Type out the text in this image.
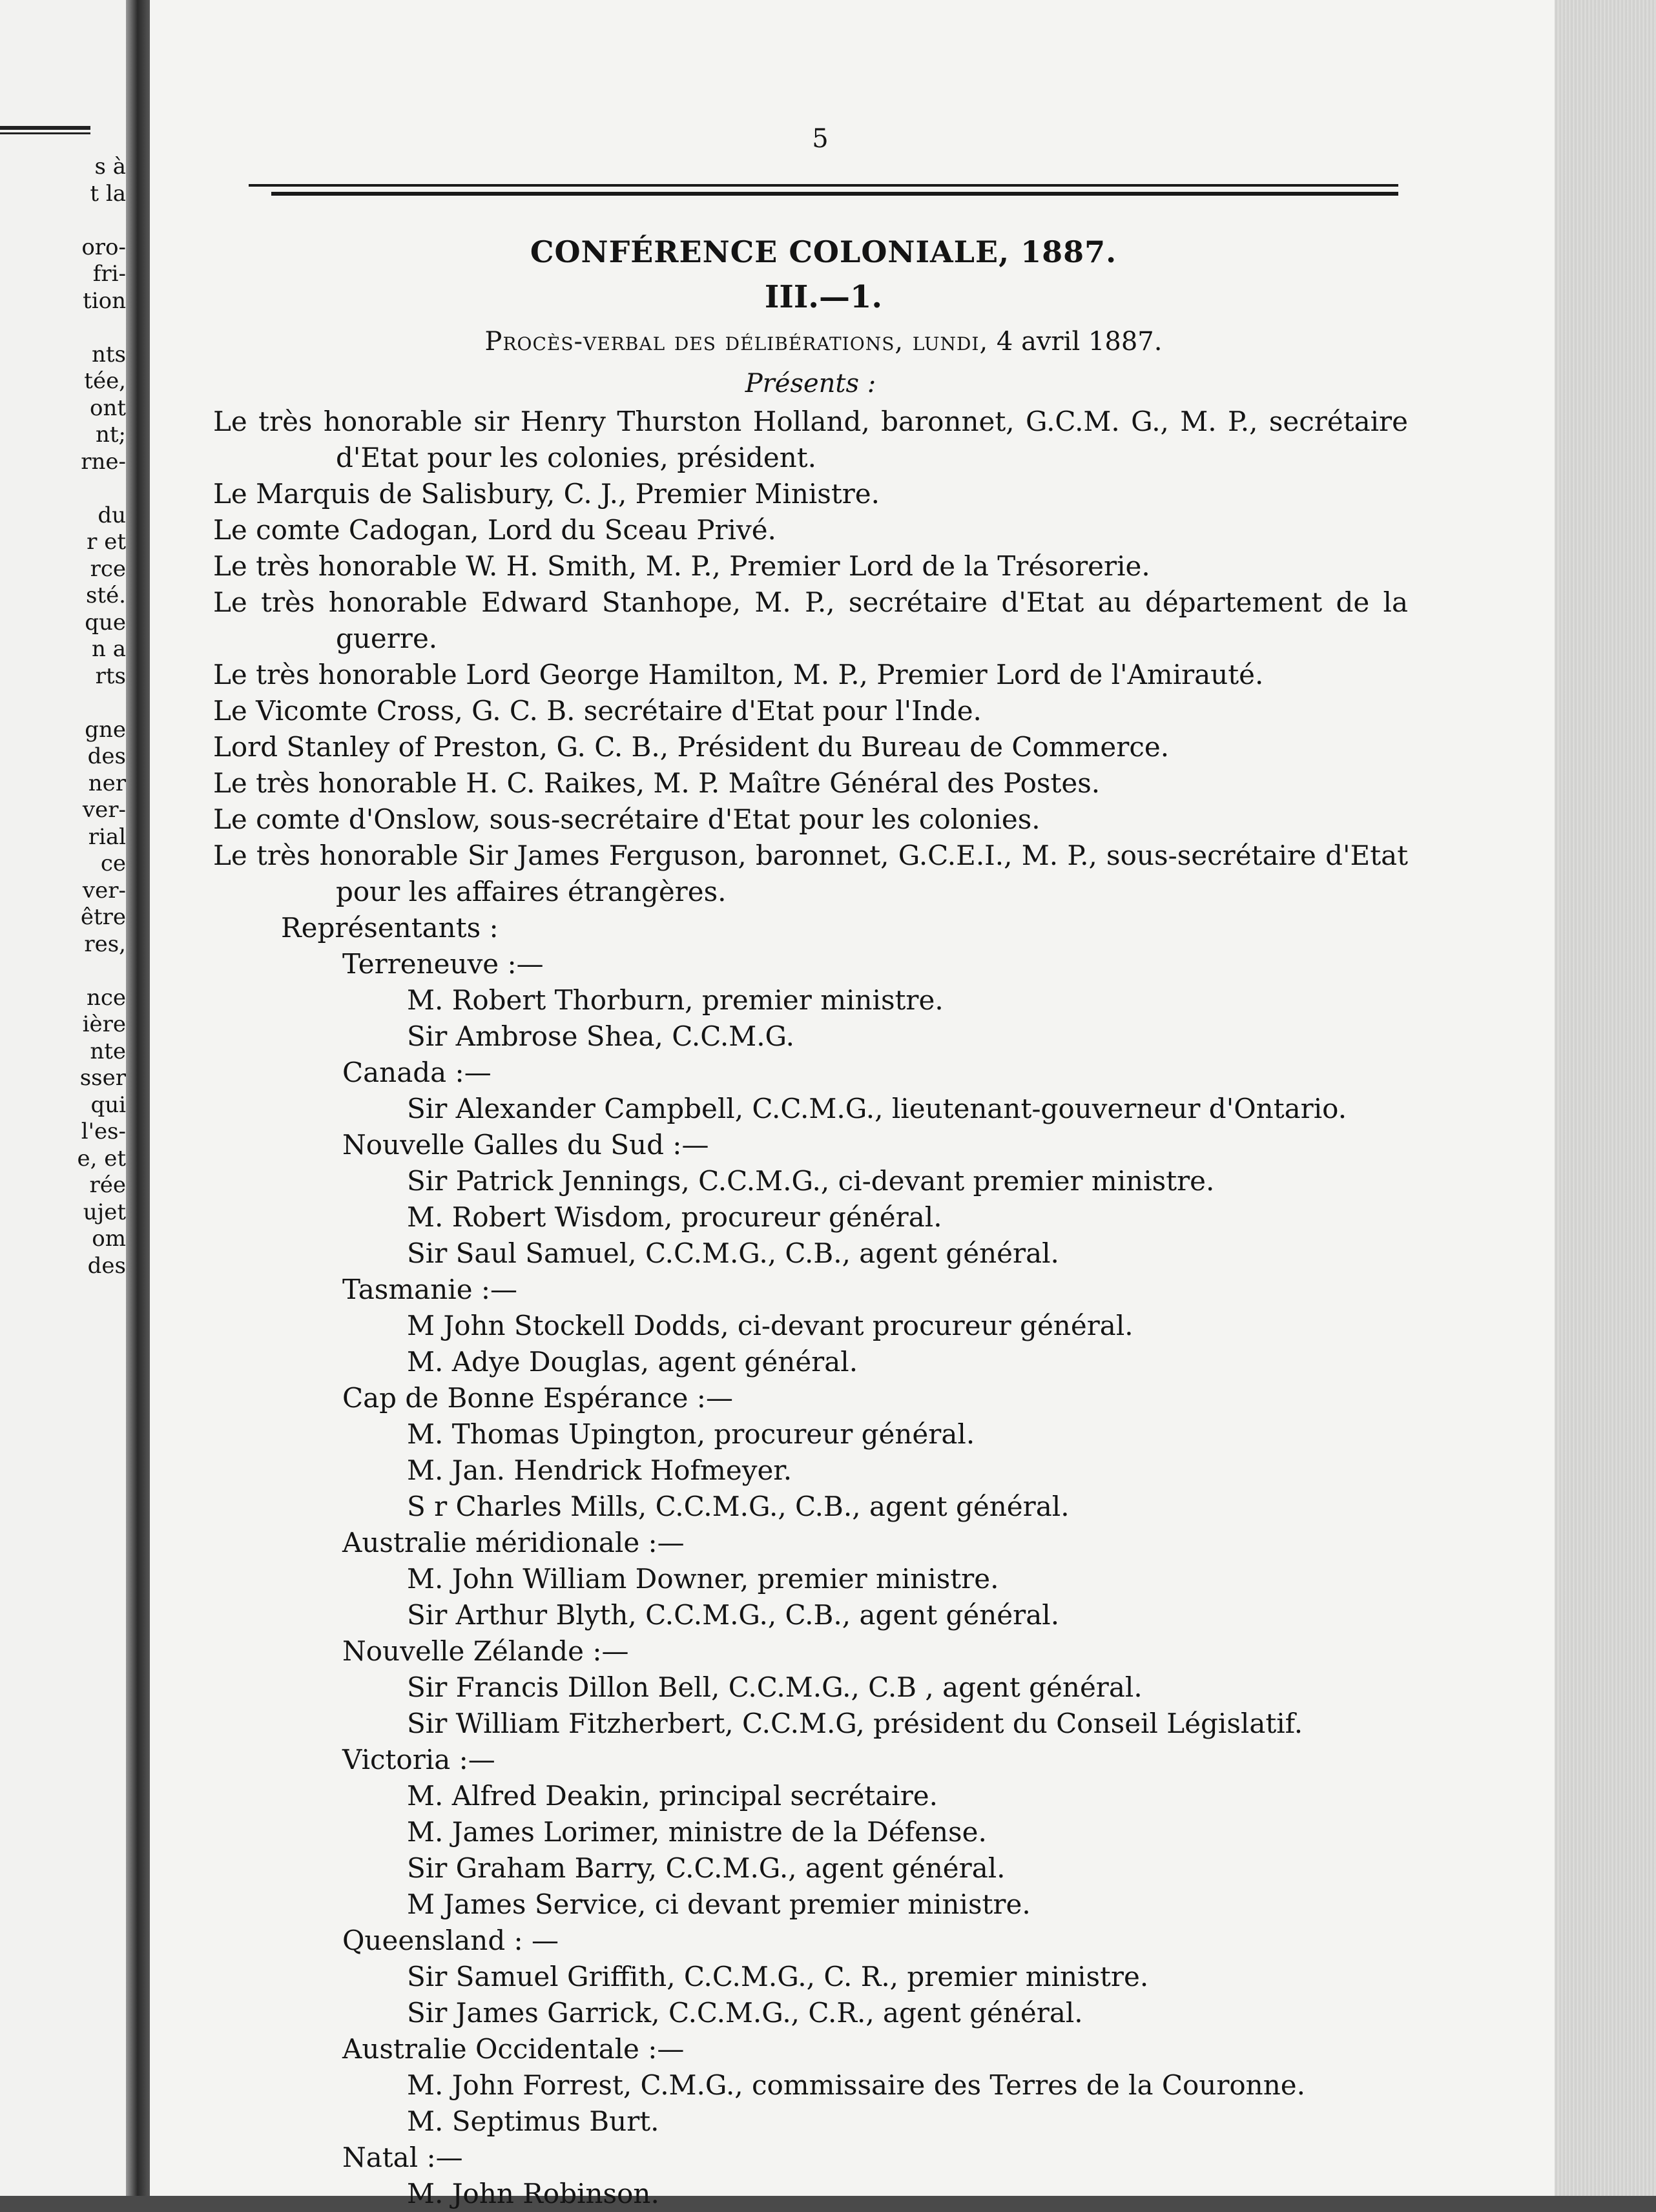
s à
t la
oro-
fri-
tion
nts
tée,
ont
nt;
rne-
du
r et
rce
sté.
que
n a
rts
gne
des
ner
ver-
rial
ce
ver-
être
res,
nce
ière
nte
sser
qui
l'es-
e, et
rée
ujet
om
des
5
CONFÉRENCE COLONIALE, 1887.
III.—1.

Procès-verbal des délibérations, lundi, 4 avril 1887.

Présents :

Le très honorable sir Henry Thurston Holland, baronnet, G.C.M. G., M. P., secrétaire d'Etat pour les colonies, président.
Le Marquis de Salisbury, C. J., Premier Ministre.
Le comte Cadogan, Lord du Sceau Privé.
Le très honorable W. H. Smith, M. P., Premier Lord de la Trésorerie.
Le très honorable Edward Stanhope, M. P., secrétaire d'Etat au département de la guerre.
Le très honorable Lord George Hamilton, M. P., Premier Lord de l'Amirauté.
Le Vicomte Cross, G. C. B. secrétaire d'Etat pour l'Inde.
Lord Stanley of Preston, G. C. B., Président du Bureau de Commerce.
Le très honorable H. C. Raikes, M. P. Maître Général des Postes.
Le comte d'Onslow, sous-secrétaire d'Etat pour les colonies.
Le très honorable Sir James Ferguson, baronnet, G.C.E.I., M. P., sous-secrétaire d'Etat pour les affaires étrangères.

Représentants :

Terreneuve :—
M. Robert Thorburn, premier ministre.
Sir Ambrose Shea, C.C.M.G.
Canada :—
Sir Alexander Campbell, C.C.M.G., lieutenant-gouverneur d'Ontario.
Nouvelle Galles du Sud :—
Sir Patrick Jennings, C.C.M.G., ci-devant premier ministre.
M. Robert Wisdom, procureur général.
Sir Saul Samuel, C.C.M.G., C.B., agent général.
Tasmanie :—
M John Stockell Dodds, ci-devant procureur général.
M. Adye Douglas, agent général.
Cap de Bonne Espérance :—
M. Thomas Upington, procureur général.
M. Jan. Hendrick Hofmeyer.
S r Charles Mills, C.C.M.G., C.B., agent général.
Australie méridionale :—
M. John William Downer, premier ministre.
Sir Arthur Blyth, C.C.M.G., C.B., agent général.
Nouvelle Zélande :—
Sir Francis Dillon Bell, C.C.M.G., C.B , agent général.
Sir William Fitzherbert, C.C.M.G, président du Conseil Législatif.
Victoria :—
M. Alfred Deakin, principal secrétaire.
M. James Lorimer, ministre de la Défense.
Sir Graham Barry, C.C.M.G., agent général.
M James Service, ci devant premier ministre.
Queensland : —
Sir Samuel Griffith, C.C.M.G., C. R., premier ministre.
Sir James Garrick, C.C.M.G., C.R., agent général.
Australie Occidentale :—
M. John Forrest, C.M.G., commissaire des Terres de la Couronne.
M. Septimus Burt.
Natal :—
M. John Robinson.
